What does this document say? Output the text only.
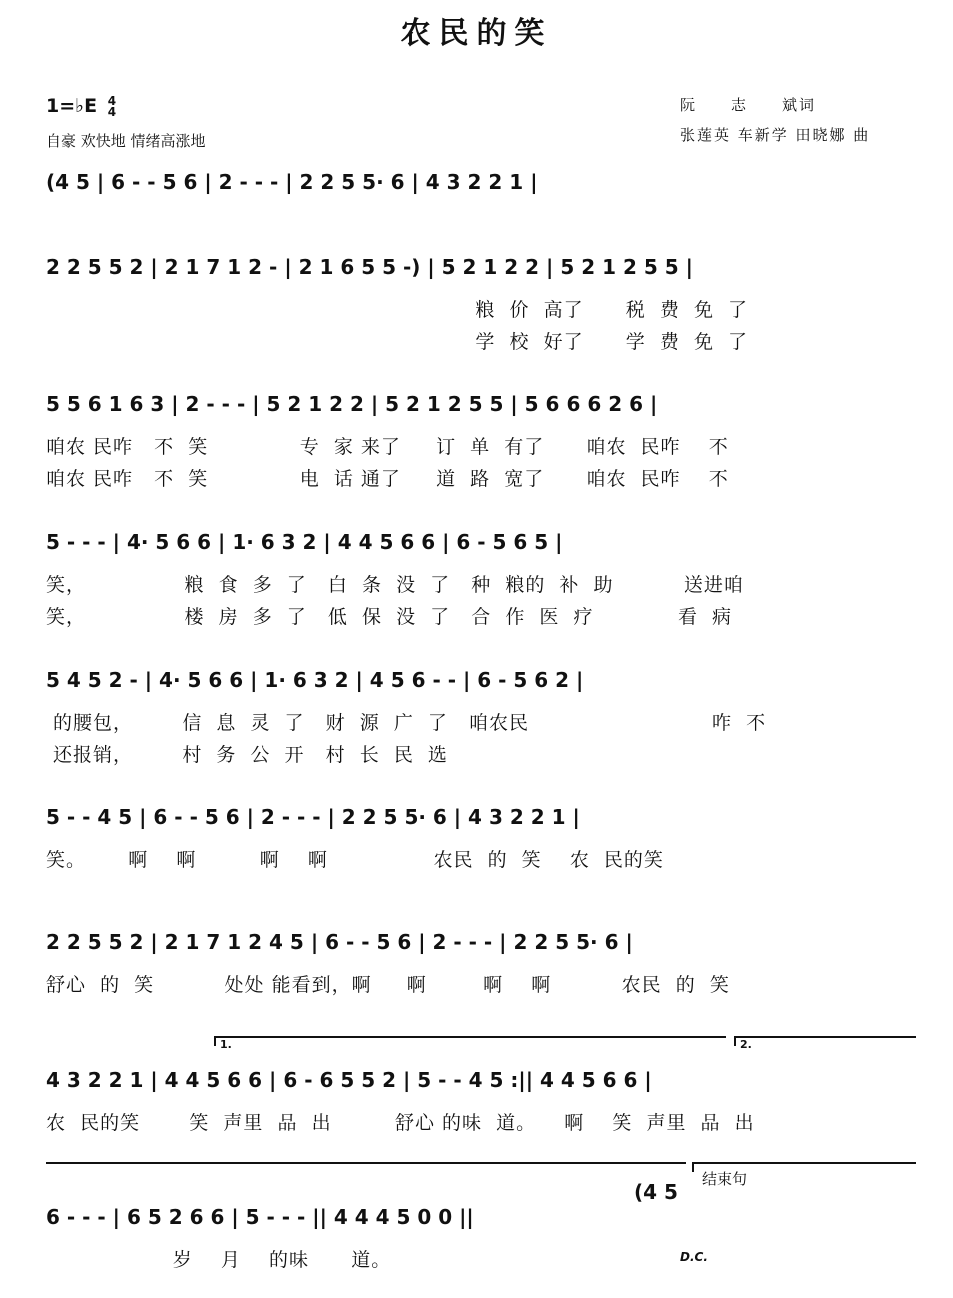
农民的笑
1=♭E 4
4
自豪 欢快地 情绪高涨地
阮　　志　　斌词
张莲英 车新学 田晓娜 曲
(4 5 | 6 - - 5 6 | 2 - - - | 2 2 5 5· 6 | 4 3 2 2 1 |
2 2 5 5 2 | 2 1 7 1 2 - | 2 1 6 5 5 -) | 5 2 1 2 2 | 5 2 1 2 5 5 |
粮  价  高了      税  费  免  了
学  校  好了      学  费  免  了
5 5 6 1 6 3 | 2 - - - | 5 2 1 2 2 | 5 2 1 2 5 5 | 5 6 6 6 2 6 |
咱农 民咋   不  笑             专  家 来了     订  单  有了      咱农  民咋    不
咱农 民咋   不  笑             电  话 通了     道  路  宽了      咱农  民咋    不
5 - - - | 4· 5 6 6 | 1· 6 3 2 | 4 4 5 6 6 | 6 - 5 6 5 |
笑，              粮  食  多  了   白  条  没  了   种  粮的  补  助          送进咱
笑，              楼  房  多  了   低  保  没  了   合  作  医  疗            看  病
5 4 5 2 - | 4· 5 6 6 | 1· 6 3 2 | 4 5 6 - - | 6 - 5 6 2 |
的腰包，       信  息  灵  了   财  源  广  了   咱农民                          咋  不
还报销，       村  务  公  开   村  长  民  选
5 - - 4 5 | 6 - - 5 6 | 2 - - - | 2 2 5 5· 6 | 4 3 2 2 1 |
笑。      啊    啊         啊    啊               农民  的  笑    农  民的笑
2 2 5 5 2 | 2 1 7 1 2 4 5 | 6 - - 5 6 | 2 - - - | 2 2 5 5· 6 |
舒心  的  笑          处处 能看到，啊     啊        啊    啊          农民  的  笑
1.	2.
4 3 2 2 1 | 4 4 5 6 6 | 6 - 6 5 5 2 | 5 - - 4 5 :|| 4 4 5 6 6 |
农  民的笑       笑  声里  品  出         舒心 的味  道。    啊    笑  声里  品  出
结束句
(4 5
6 - - - | 6 5 2 6 6 | 5 - - - || 4 4 4 5 0 0 ||
岁    月    的味      道。	D.C.
